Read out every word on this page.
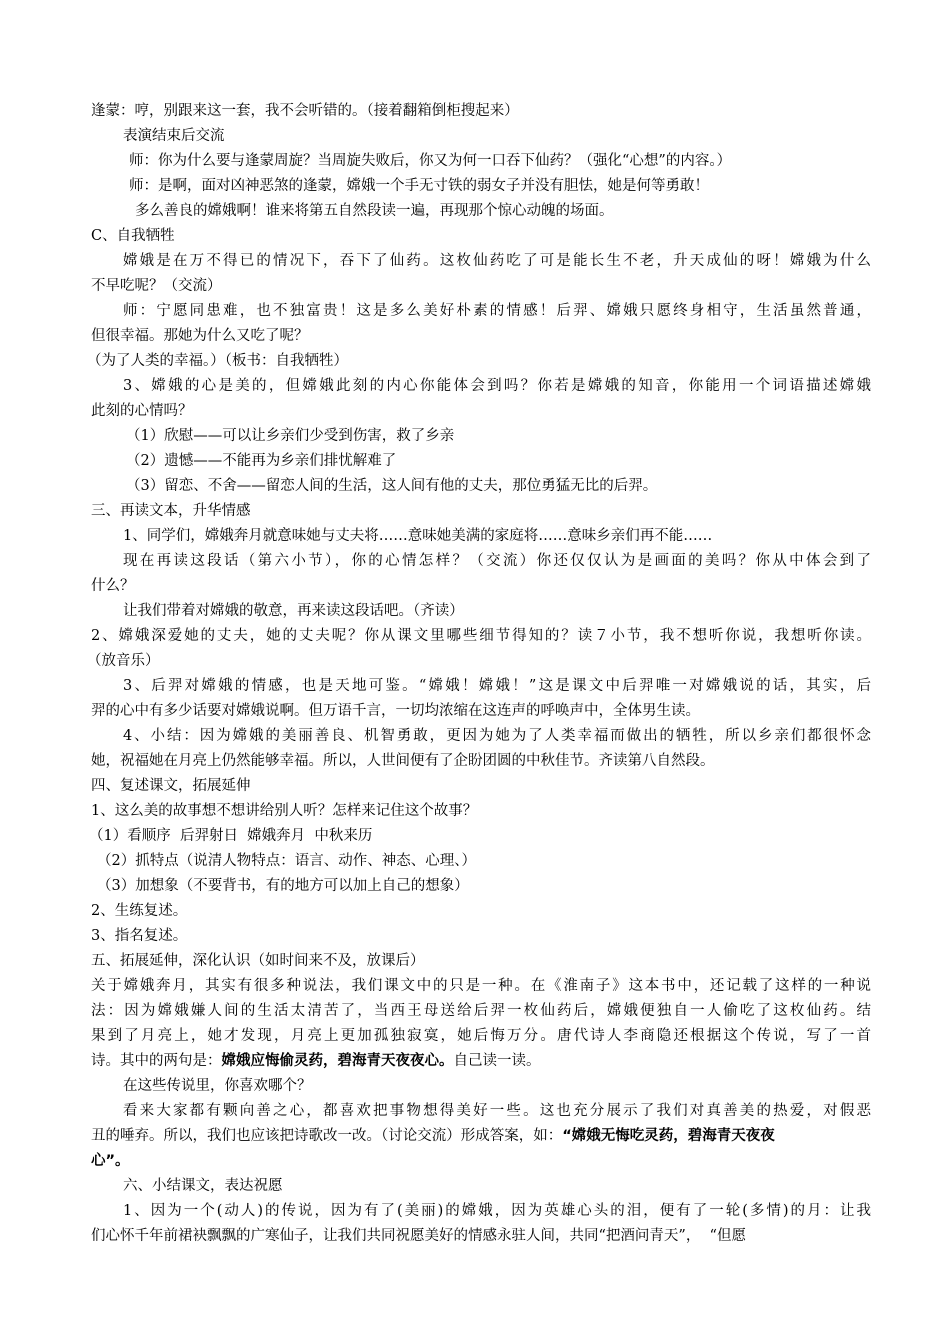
逢蒙：哼，别跟来这一套，我不会听错的。（接着翻箱倒柜搜起来）

表演结束后交流

师：你为什么要与逢蒙周旋？当周旋失败后，你又为何一口吞下仙药？（强化“心想”的内容。）

师：是啊，面对凶神恶煞的逢蒙，嫦娥一个手无寸铁的弱女子并没有胆怯，她是何等勇敢！

多么善良的嫦娥啊！谁来将第五自然段读一遍，再现那个惊心动魄的场面。

C、自我牺牲

嫦娥是在万不得已的情况下，吞下了仙药。这枚仙药吃了可是能长生不老，升天成仙的呀！嫦娥为什么

不早吃呢？（交流）

师：宁愿同患难，也不独富贵！这是多么美好朴素的情感！后羿、嫦娥只愿终身相守，生活虽然普通，

但很幸福。那她为什么又吃了呢？

（为了人类的幸福。）（板书：自我牺牲）

3、嫦娥的心是美的，但嫦娥此刻的内心你能体会到吗？你若是嫦娥的知音，你能用一个词语描述嫦娥

此刻的心情吗？

（1）欣慰——可以让乡亲们少受到伤害，救了乡亲

（2）遗憾——不能再为乡亲们排忧解难了

（3）留恋、不舍——留恋人间的生活，这人间有他的丈夫，那位勇猛无比的后羿。

三、再读文本，升华情感

1、同学们，嫦娥奔月就意味她与丈夫将……意味她美满的家庭将……意味乡亲们再不能……

现在再读这段话（第六小节），你的心情怎样？（交流）你还仅仅认为是画面的美吗？你从中体会到了

什么？

让我们带着对嫦娥的敬意，再来读这段话吧。（齐读）

2、嫦娥深爱她的丈夫，她的丈夫呢？你从课文里哪些细节得知的？读７小节，我不想听你说，我想听你读。

（放音乐）

3、后羿对嫦娥的情感，也是天地可鉴。“嫦娥！嫦娥！”这是课文中后羿唯一对嫦娥说的话，其实，后

羿的心中有多少话要对嫦娥说啊。但万语千言，一切均浓缩在这连声的呼唤声中，全体男生读。

4、小结：因为嫦娥的美丽善良、机智勇敢，更因为她为了人类幸福而做出的牺牲，所以乡亲们都很怀念

她，祝福她在月亮上仍然能够幸福。所以，人世间便有了企盼团圆的中秋佳节。齐读第八自然段。

四、复述课文，拓展延伸

1、这么美的故事想不想讲给别人听？怎样来记住这个故事？

（1）看顺序  后羿射日  嫦娥奔月  中秋来历

（2）抓特点（说清人物特点：语言、动作、神态、心理、）

（3）加想象（不要背书，有的地方可以加上自己的想象）

2、生练复述。

3、指名复述。

五、拓展延伸，深化认识（如时间来不及，放课后）

关于嫦娥奔月，其实有很多种说法，我们课文中的只是一种。在《淮南子》这本书中，还记载了这样的一种说

法：因为嫦娥嫌人间的生活太清苦了，当西王母送给后羿一枚仙药后，嫦娥便独自一人偷吃了这枚仙药。结

果到了月亮上，她才发现，月亮上更加孤独寂寞，她后悔万分。唐代诗人李商隐还根据这个传说，写了一首

诗。其中的两句是：嫦娥应悔偷灵药，碧海青天夜夜心。自己读一读。

在这些传说里，你喜欢哪个？

看来大家都有颗向善之心，都喜欢把事物想得美好一些。这也充分展示了我们对真善美的热爱，对假恶

丑的唾弃。所以，我们也应该把诗歌改一改。（讨论交流）形成答案，如：“嫦娥无悔吃灵药，碧海青天夜夜

心”。

六、小结课文，表达祝愿

1、因为一个(动人)的传说，因为有了(美丽)的嫦娥，因为英雄心头的泪，便有了一轮(多情)的月：让我

们心怀千年前裙袂飘飘的广寒仙子，让我们共同祝愿美好的情感永驻人间，共同“把酒问青天”，  “但愿
